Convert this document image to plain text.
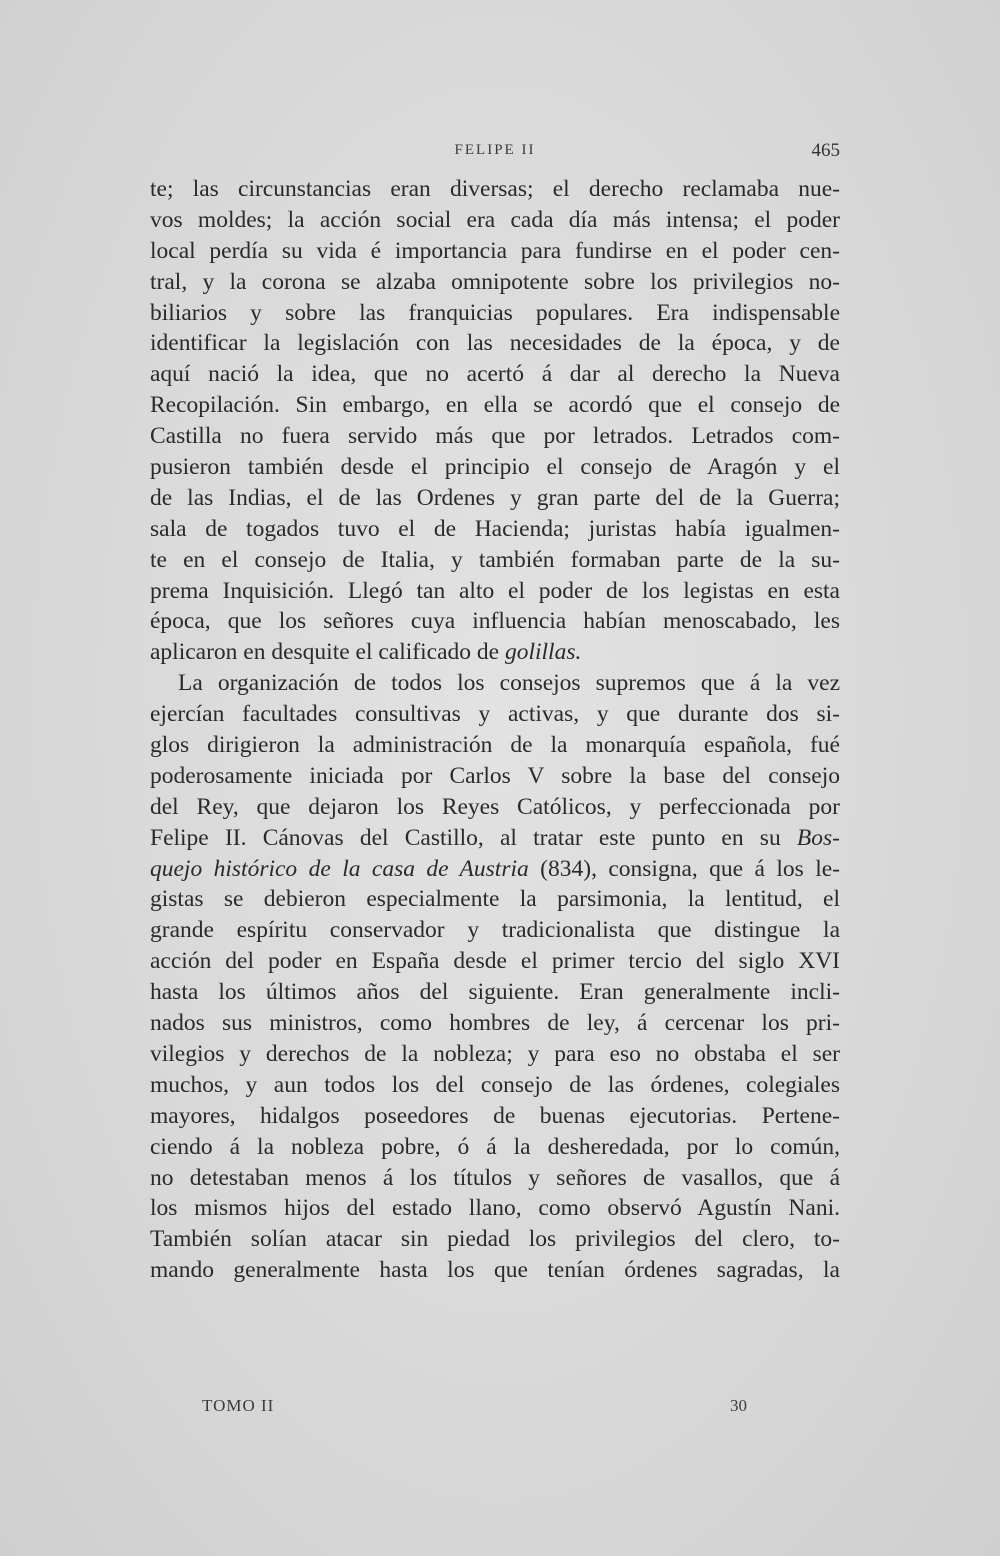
FELIPE II	465
te; las circunstancias eran diversas; el derecho reclamaba nue-
vos moldes; la acción social era cada día más intensa; el poder
local perdía su vida é importancia para fundirse en el poder cen-
tral, y la corona se alzaba omnipotente sobre los privilegios no-
biliarios y sobre las franquicias populares. Era indispensable
identificar la legislación con las necesidades de la época, y de
aquí nació la idea, que no acertó á dar al derecho la Nueva
Recopilación. Sin embargo, en ella se acordó que el consejo de
Castilla no fuera servido más que por letrados. Letrados com-
pusieron también desde el principio el consejo de Aragón y el
de las Indias, el de las Ordenes y gran parte del de la Guerra;
sala de togados tuvo el de Hacienda; juristas había igualmen-
te en el consejo de Italia, y también formaban parte de la su-
prema Inquisición. Llegó tan alto el poder de los legistas en esta
época, que los señores cuya influencia habían menoscabado, les
aplicaron en desquite el calificado de golillas.
La organización de todos los consejos supremos que á la vez
ejercían facultades consultivas y activas, y que durante dos si-
glos dirigieron la administración de la monarquía española, fué
poderosamente iniciada por Carlos V sobre la base del consejo
del Rey, que dejaron los Reyes Católicos, y perfeccionada por
Felipe II. Cánovas del Castillo, al tratar este punto en su Bos-
quejo histórico de la casa de Austria (834), consigna, que á los le-
gistas se debieron especialmente la parsimonia, la lentitud, el
grande espíritu conservador y tradicionalista que distingue la
acción del poder en España desde el primer tercio del siglo XVI
hasta los últimos años del siguiente. Eran generalmente incli-
nados sus ministros, como hombres de ley, á cercenar los pri-
vilegios y derechos de la nobleza; y para eso no obstaba el ser
muchos, y aun todos los del consejo de las órdenes, colegiales
mayores, hidalgos poseedores de buenas ejecutorias. Pertene-
ciendo á la nobleza pobre, ó á la desheredada, por lo común,
no detestaban menos á los títulos y señores de vasallos, que á
los mismos hijos del estado llano, como observó Agustín Nani.
También solían atacar sin piedad los privilegios del clero, to-
mando generalmente hasta los que tenían órdenes sagradas, la
TOMO II	30
